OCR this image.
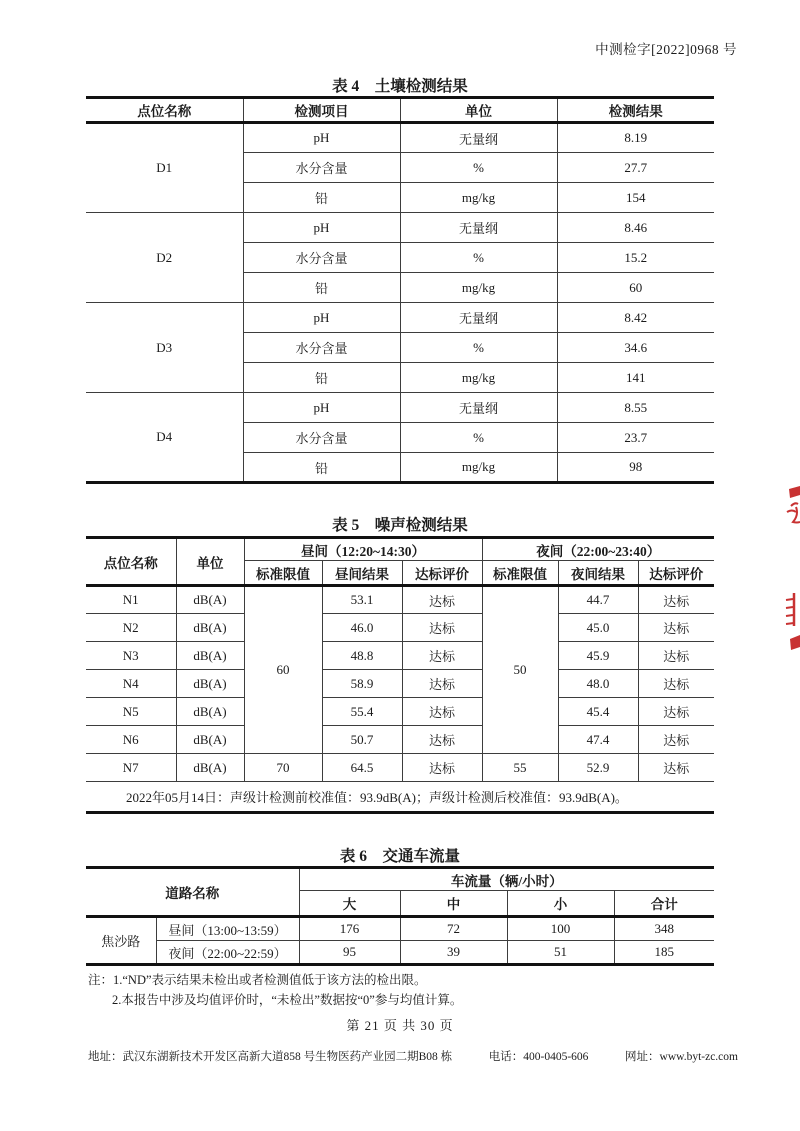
中测检字[2022]0968 号
表 4　土壤检测结果
点位名称	检测项目	单位	检测结果
D1	pH	无量纲	8.19
	水分含量	%	27.7
	铅	mg/kg	154
D2	pH	无量纲	8.46
	水分含量	%	15.2
	铅	mg/kg	60
D3	pH	无量纲	8.42
	水分含量	%	34.6
	铅	mg/kg	141
D4	pH	无量纲	8.55
	水分含量	%	23.7
	铅	mg/kg	98
表 5　噪声检测结果
点位名称	单位	昼间（12:20~14:30）			夜间（22:00~23:40）		
		标准限值	昼间结果	达标评价	标准限值	夜间结果	达标评价
N1	dB(A)	60	53.1	达标	50	44.7	达标
N2	dB(A)		46.0	达标		45.0	达标
N3	dB(A)		48.8	达标		45.9	达标
N4	dB(A)		58.9	达标		48.0	达标
N5	dB(A)		55.4	达标		45.4	达标
N6	dB(A)		50.7	达标		47.4	达标
N7	dB(A)	70	64.5	达标	55	52.9	达标
2022年05月14日：声级计检测前校准值：93.9dB(A)；声级计检测后校准值：93.9dB(A)。							
表 6　交通车流量
道路名称		车流量（辆/小时）			
		大	中	小	合计
焦沙路	昼间（13:00~13:59）	176	72	100	348
	夜间（22:00~22:59）	95	39	51	185
注：1.“ND”表示结果未检出或者检测值低于该方法的检出限。
2.本报告中涉及均值评价时，“未检出”数据按“0”参与均值计算。
第 21 页 共 30 页
地址：武汉东湖新技术开发区高新大道858 号生物医药产业园二期B08 栋	电话：400-0405-606	网址：www.byt-zc.com
